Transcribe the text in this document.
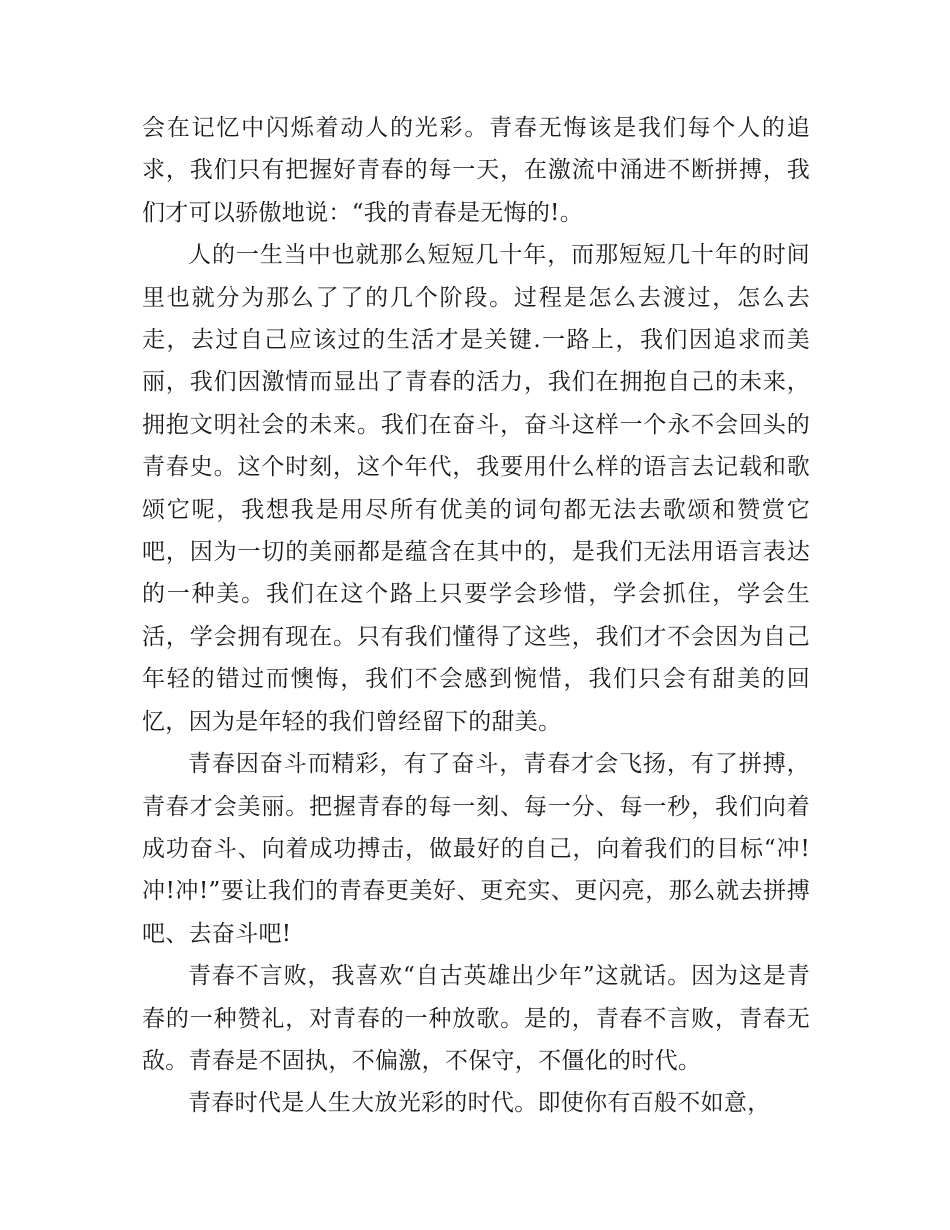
会在记忆中闪烁着动人的光彩。青春无悔该是我们每个人的追求，我们只有把握好青春的每一天，在激流中涌进不断拼搏，我们才可以骄傲地说：“我的青春是无悔的!。

人的一生当中也就那么短短几十年，而那短短几十年的时间里也就分为那么了了的几个阶段。过程是怎么去渡过，怎么去走，去过自己应该过的生活才是关键.一路上，我们因追求而美丽，我们因激情而显出了青春的活力，我们在拥抱自己的未来，拥抱文明社会的未来。我们在奋斗，奋斗这样一个永不会回头的青春史。这个时刻，这个年代，我要用什么样的语言去记载和歌颂它呢，我想我是用尽所有优美的词句都无法去歌颂和赞赏它吧，因为一切的美丽都是蕴含在其中的，是我们无法用语言表达的一种美。我们在这个路上只要学会珍惜，学会抓住，学会生活，学会拥有现在。只有我们懂得了这些，我们才不会因为自己年轻的错过而懊悔，我们不会感到惋惜，我们只会有甜美的回忆，因为是年轻的我们曾经留下的甜美。

青春因奋斗而精彩，有了奋斗，青春才会飞扬，有了拼搏，青春才会美丽。把握青春的每一刻、每一分、每一秒，我们向着成功奋斗、向着成功搏击，做最好的自己，向着我们的目标“冲!冲!冲!”要让我们的青春更美好、更充实、更闪亮，那么就去拼搏吧、去奋斗吧!

青春不言败，我喜欢“自古英雄出少年”这就话。因为这是青春的一种赞礼，对青春的一种放歌。是的，青春不言败，青春无敌。青春是不固执，不偏激，不保守，不僵化的时代。

青春时代是人生大放光彩的时代。即使你有百般不如意，
